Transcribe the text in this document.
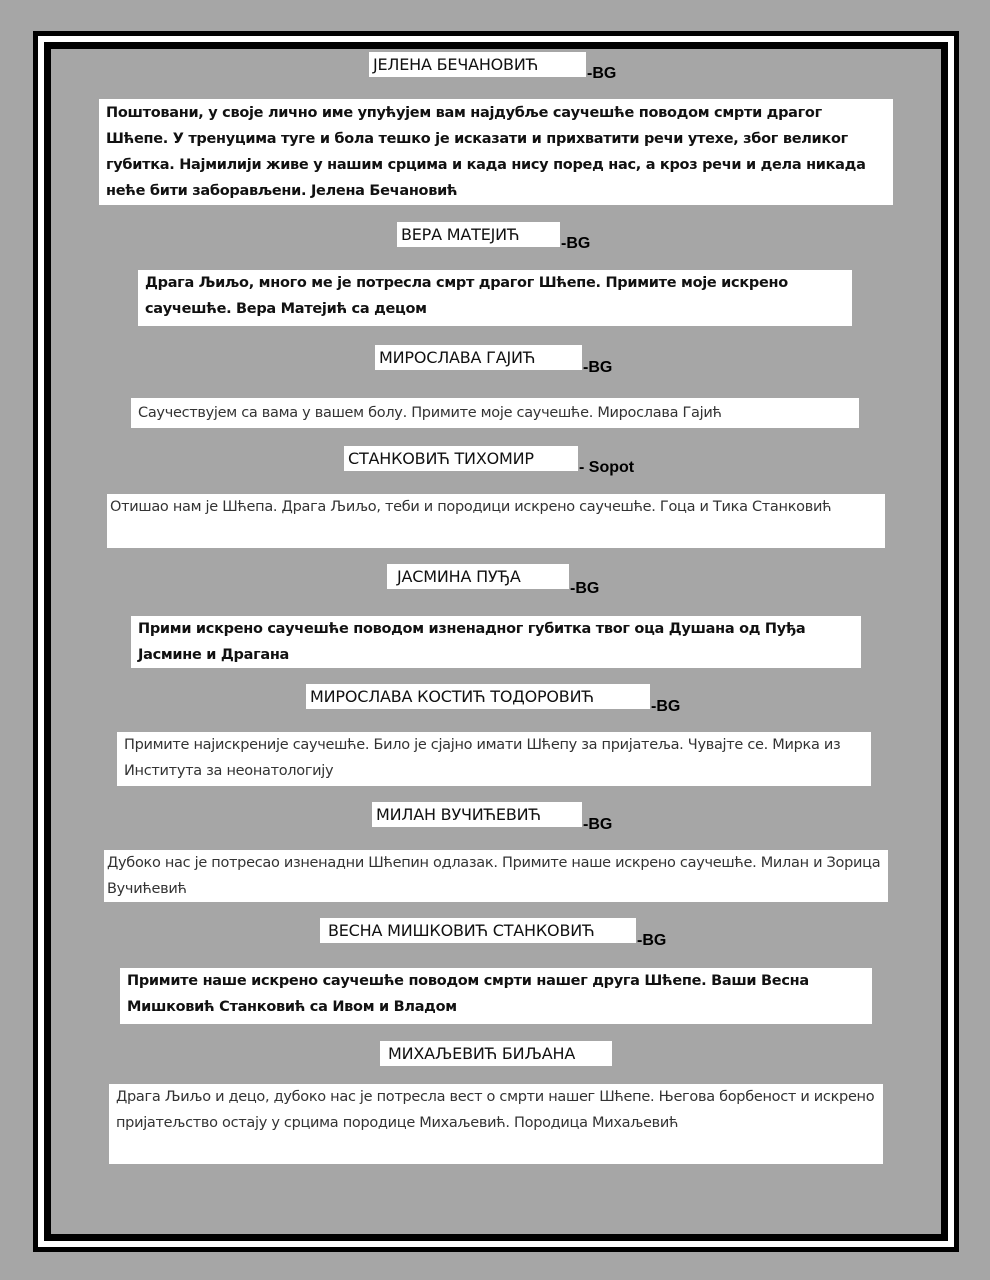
ЈЕЛЕНА БЕЧАНОВИЋ	-BG
Поштовани, у своје лично име упућујем вам најдубље саучешће поводом смрти драгог Шћепе. У тренуцима туге и бола тешко је исказати и прихватити речи утехе, због великог губитка. Најмилији живе у нашим срцима и када нису поред нас, а кроз речи и дела никада неће бити заборављени. Јелена Бечановић
ВЕРА МАТЕЈИЋ	-BG
Драга Љиљо, много ме је потресла смрт драгог Шћепе. Примите моје искрено саучешће. Вера Матејић са децом
МИРОСЛАВА ГАЈИЋ
-BG
Саучествујем са вама у вашем болу. Примите моје саучешће. Мирослава Гајић
СТАНКОВИЋ ТИХОМИР	- Sopot
Отишао нам је Шћепа. Драга Љиљо, теби и породици искрено саучешће. Гоца и Тика Станковић
ЈАСМИНА ПУЂА
-BG
Прими искрено саучешће поводом изненадног губитка твог оца Душана од Пуђа Јасмине и Драгана
МИРОСЛАВА КОСТИЋ ТОДОРОВИЋ
-BG
Примите најискреније саучешће. Било је сјајно имати Шћепу за пријатеља. Чувајте се. Мирка из Института за неонатологију
МИЛАН ВУЧИЋЕВИЋ
-BG
Дубоко нас је потресао изненадни Шћепин одлазак. Примите наше искрено саучешће. Милан и Зорица Вучићевић
ВЕСНА МИШКОВИЋ СТАНКОВИЋ
-BG
Примите наше искрено саучешће поводом смрти нашег друга Шћепе. Ваши Весна Мишковић Станковић са Ивом и Владом
МИХАЉЕВИЋ БИЉАНА
Драга Љиљо и децо, дубоко нас је потресла вест о смрти нашег Шћепе. Његова борбеност и искрено пријатељство остају у срцима породице Михаљевић. Породица Михаљевић
